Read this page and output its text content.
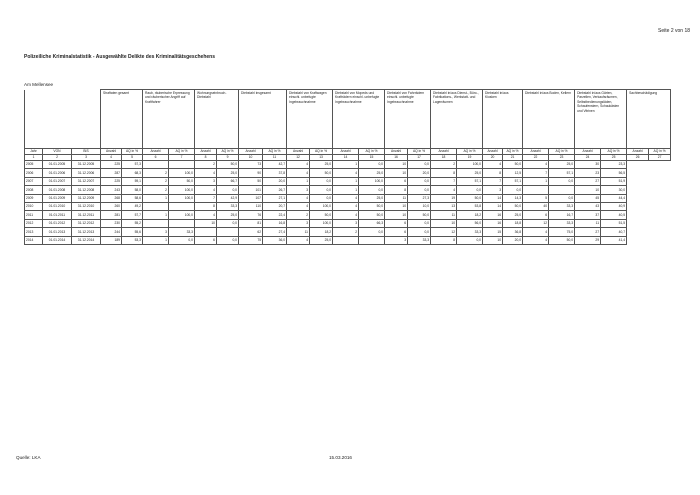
Seite 2 von 18
Polizeiliche Kriminalstatistik - Ausgewählte Delikte des Kriminalitätsgeschehens
Am Mellensee
			Straftaten gesamt		Raub, räuberische Erpressung und räuberischer Angriff auf Kraftfahrer		Wohnungseinbruch-Diebstahl		Diebstahl insgesamt		Diebstahl von Kraftwagen einschl. unbefugte Ingebrauchnahme		Diebstahl von Mopeds und Krafträdern einschl. unbefugte Ingebrauchnahme		Diebstahl von Fahrrädern einschl. unbefugte Ingebrauchnahme		Diebstahl in/aus Dienst-, Büro-, Fabrikations-, Werkstatt- und Lagerräumen		Diebstahl in/aus Kiosken		Diebstahl in/aus Boden, Kellern		Diebstahl in/aus Gärten, Parzellen, Verkaufsräumen, Selbstbedienungsläden, Schaufenstern, Schaukästen und Vitrinen		Sachbeschädigung	
Jahr	VON	BIS	Anzahl	AQ in %	Anzahl	AQ in %	Anzahl	AQ in %	Anzahl	AQ in %	Anzahl	AQ in %	Anzahl	AQ in %	Anzahl	AQ in %	Anzahl	AQ in %	Anzahl	AQ in %	Anzahl	AQ in %	Anzahl	AQ in %	Anzahl	AQ in %
1	2	3	4	5	6	7	8	9	10	11	12	13	14	15	16	17	18	19	20	21	22	23	24	25	26	27
2005	01.01.2005	31.12.2005	225	57,3			2	50,0	73	42,7	4	25,0	1	0,0	10	0,0	2	100,0	4	50,0	4	25,0	30	23,3		
2006	01.01.2006	31.12.2006	287	68,3	2	100,0	4	25,0	90	37,8	4	50,0	4	25,0	10	20,0	8	25,0	8	12,5	7	57,1	23	56,5		
2007	01.01.2007	31.12.2007	225	59,1	2	50,0	3	66,7	50	20,0	1	0,0	1	100,0	6	0,0	7	57,1	7	57,1	1	0,0	27	51,9		
2008	01.01.2008	31.12.2008	243	58,0	2	100,0	4	0,0	101	26,7	3	0,0	1	0,0	8	0,0	4	0,0	3	0,0			10	30,0		
2009	01.01.2009	31.12.2009	268	58,6	1	100,0	7	42,9	107	27,1	4	0,0	4	25,0	11	27,3	19	50,0	14	14,3	5	0,0	45	44,4		
2010	01.01.2010	31.12.2010	260	49,2			8	33,3	110	20,7	4	100,0	4	50,0	10	10,0	13	53,8	14	50,0	40	33,3	43	40,9		
2011	01.01.2011	31.12.2011	281	57,7	1	100,0	4	25,0	76	22,4	2	50,0	4	50,0	10	50,0	11	18,2	16	25,0	6	16,7	37	40,5		
2012	01.01.2012	31.12.2012	230	55,2			10	0,0	81	16,8	3	100,0	3	66,3	6	0,0	10	56,0	16	18,8	12	33,3	11	51,5		
2013	01.01.2013	31.12.2013	244	55,6	3	33,3			62	27,4	11	18,2	2	0,0	6	0,0	12	33,3	15	36,8	4	75,0	27	40,7		
2014	01.01.2014	31.12.2014	189	53,3	1	0,0	6	0,0	75	36,0	4	25,0			3	33,3	8	0,0	10	20,0	4	50,0	29	41,4		
Quelle: LKA	15.03.2016
